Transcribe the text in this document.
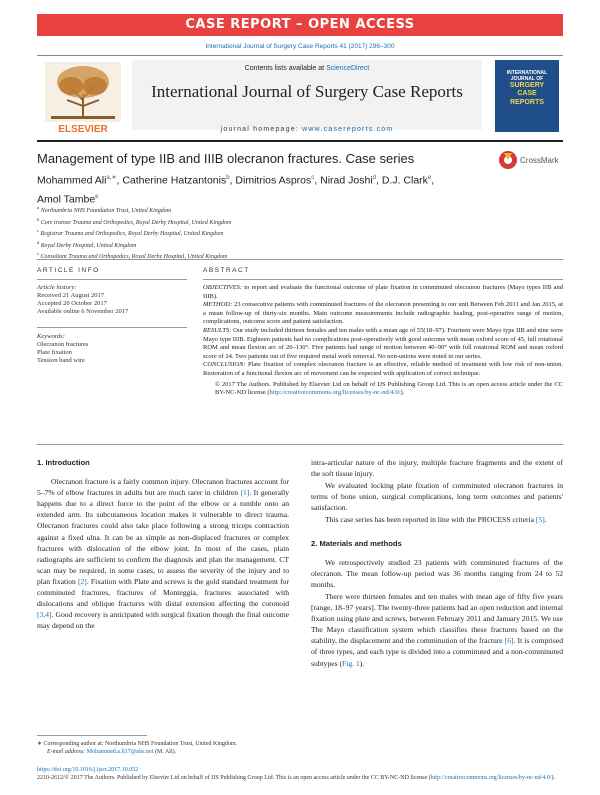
CASE REPORT – OPEN ACCESS
International Journal of Surgery Case Reports 41 (2017) 296–300
ELSEVIER
Contents lists available at ScienceDirect
International Journal of Surgery Case Reports
journal homepage: www.casereports.com
INTERNATIONAL JOURNAL OF
SURGERY
CASE
REPORTS
Management of type IIB and IIIB olecranon fractures. Case series	CrossMark
Mohammed Ali$^{a,∗}$, Catherine Hatzantonis$^b$, Dimitrios Aspros$^c$, Nirad Joshi$^d$, D.J. Clark$^e$,
Amol Tambe$^e$
$^a$ Northumbria NHS Foundation Trust, United Kingdom
$^b$ Core trainee Trauma and Orthopedics, Royal Derby Hospital, United Kingdom
$^c$ Registrar Trauma and Orthopedics, Royal Derby Hospital, United Kingdom
$^d$ Royal Derby Hospital, United Kingdom
$^e$ Consultant Trauma and Orthopedics, Royal Derby Hospital, United Kingdom
ARTICLE INFO	ABSTRACT
Article history:
Received 21 August 2017
Accepted 20 October 2017
Available online 6 November 2017
Keywords:
Olecranon fractures
Plate fixation
Tension band wire

OBJECTIVES: to report and evaluate the functional outcome of plate fixation in comminuted olecranon fractures (Mayo types IIB and IIIB).

METHOD: 23 consecutive patients with comminuted fractures of the olecranon presenting to our unit Between Feb 2011 and Jan 2015, at a mean follow-up of thirty-six months. Main outcome measurements include radiographic healing, post-operative range of motion, complications, outcome score and patient satisfaction.

RESULTS: Our study included thirteen females and ten males with a mean age of 55(18–97). Fourteen were Mayo type IIB and nine were Mayo type IIIB. Eighteen patients had no complications post-operatively with good outcome with mean oxford score of 45, full rotational ROM and mean flexion arc of 20–130°. Five patients had range of motion between 40–90° with full rotational ROM and mean oxford score of 24. Two patients out of five required metal work removal. No non-unions were noted in our series.

CONCLUSION: Plate fixation of complex olecranon fracture is an effective, reliable method of treatment with low risk of non-union. Restoration of a functional flexion arc of movement can be expected with application of correct technique.

© 2017 The Authors. Published by Elsevier Ltd on behalf of IJS Publishing Group Ltd. This is an open access article under the CC BY-NC-ND license (http://creativecommons.org/licenses/by-nc-nd/4.0/).

1. Introduction

Olecranon fracture is a fairly common injury. Olecranon fractures account for 5–7% of elbow fractures in adults but are much rarer in children [1]. It generally happens due to a direct force to the point of the elbow or a tumble onto an extended arm. Its subcutaneous location makes it vulnerable to direct trauma. Olecranon fractures could also take place following a strong triceps contraction against a fixed ulna. It can be as simple as non-displaced fractures or complex fractures with dislocation of the elbow joint. In most of the cases, plain radiographs are sufficient to confirm the diagnosis and plan the management. CT scan may be required, in some cases, to assess the severity of the injury and to plan fixation [2]. Fixation with Plate and screws is the gold standard treatment for comminuted fractures, fractures of Monteggia, fractures associated with dislocations and oblique fractures with distal extension affecting the coronoid [3,4]. Good recovery is anticipated with surgical fixation though the final outcome may depend on the

intra-articular nature of the injury, multiple fracture fragments and the extent of the soft tissue injury.

We evaluated locking plate fixation of comminuted olecranon fractures in terms of bone union, surgical complications, long term outcomes and patients' satisfaction.

This case series has been reported in line with the PROCESS criteria [5].

2. Materials and methods

We retrospectively studied 23 patients with comminuted fractures of the olecranon. The mean follow-up period was 36 months ranging from 24 to 52 months.

There were thirteen females and ten males with mean age of fifty five years [range, 18–97 years]. The twenty-three patients had an open reduction and internal fixation using plate and screws, between February 2011 and January 2015. We use The Mayo classification system which classifies these fractures based on the stability, the displacement and the comminution of the fracture [6]. It is comprised of three types, and each type is divided into a comminuted and a non-comminuted subtypes (Fig. 1).

∗ Corresponding author at: Northumbria NHS Foundation Trust, United Kingdom.
E-mail address: Mohammed.a.li17@nhs.net (M. Ali).
https://doi.org/10.1016/j.ijscr.2017.10.052
2210-2612/© 2017 The Authors. Published by Elsevier Ltd on behalf of IJS Publishing Group Ltd. This is an open access article under the CC BY-NC-ND license (http://creativecommons.org/licenses/by-nc-nd/4.0/).
